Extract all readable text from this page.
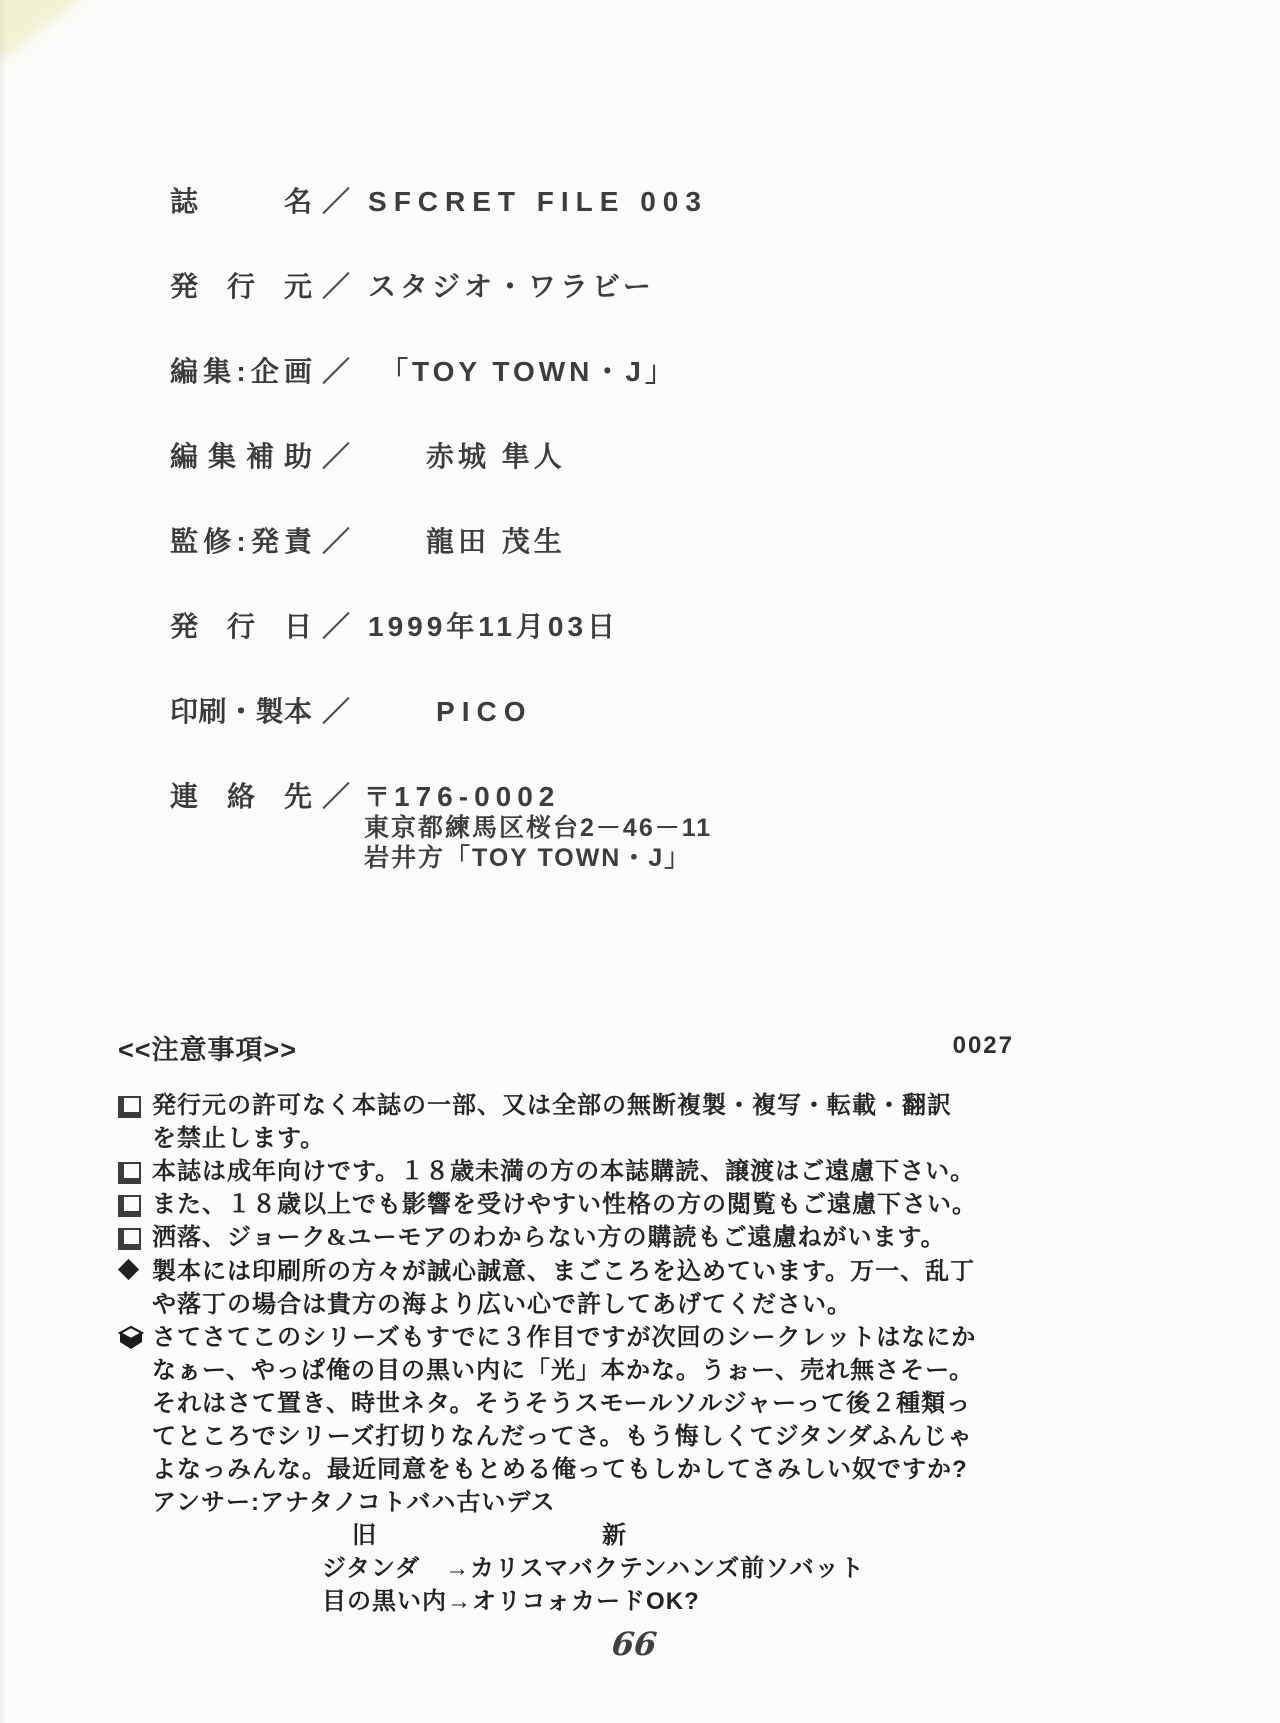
誌名 ／ SFCRET FILE 003
発行元 ／ スタジオ・ワラビー
編集:企画 ／ 「TOY TOWN・J」
編集補助 ／	赤城 隼人
監修:発責 ／	龍田 茂生
発行日 ／ 1999年11月03日
印刷・製本 ／	PICO
連絡先 ／ 〒 176-0002
東京都練馬区桜台2－46－11
岩井方「TOY TOWN・J」
<<注意事項>>	0027
発行元の許可なく本誌の一部、又は全部の無断複製・複写・転載・翻訳
を禁止します。
本誌は成年向けです。１８歳未満の方の本誌購読、譲渡はご遠慮下さい。
また、１８歳以上でも影響を受けやすい性格の方の閲覧もご遠慮下さい。
洒落、ジョーク&ユーモアのわからない方の購読もご遠慮ねがいます。
製本には印刷所の方々が誠心誠意、まごころを込めています。万一、乱丁
や落丁の場合は貴方の海より広い心で許してあげてください。
さてさてこのシリーズもすでに３作目ですが次回のシークレットはなにか
なぁー、やっぱ俺の目の黒い内に「光」本かな。うぉー、売れ無さそー。
それはさて置き、時世ネタ。そうそうスモールソルジャーって後２種類っ
てところでシリーズ打切りなんだってさ。もう悔しくてジタンダふんじゃ
よなっみんな。最近同意をもとめる俺ってもしかしてさみしい奴ですか?
アンサー:アナタノコトバハ古いデス
旧	新
ジタンダ　→カリスマバクテンハンズ前ソバット
目の黒い内→オリコォカードOK?
66
